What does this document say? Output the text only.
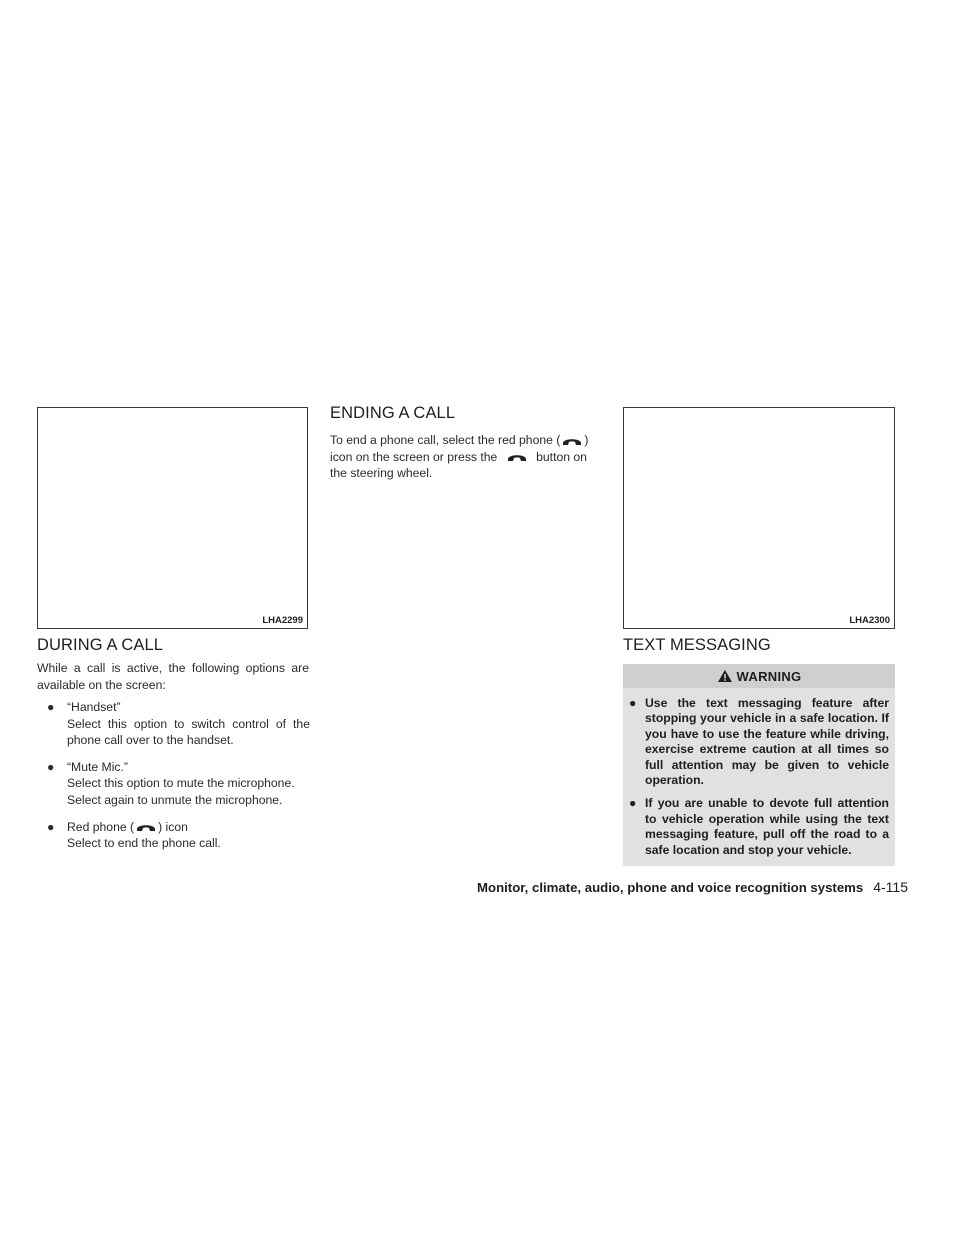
LHA2299
DURING A CALL

While a call is active, the following options are available on the screen:

● “Handset”
Select this option to switch control of the phone call over to the handset.
● “Mute Mic.”
Select this option to mute the microphone. Select again to unmute the microphone.
● Red phone ( ) icon
Select to end the phone call.
ENDING A CALL

To end a phone call, select the red phone ( ) icon on the screen or press the	button on the steering wheel.

LHA2300
TEXT MESSAGING
WARNING
● Use the text messaging feature after stopping your vehicle in a safe location. If you have to use the feature while driving, exercise extreme caution at all times so full attention may be given to vehicle operation.
● If you are unable to devote full attention to vehicle operation while using the text messaging feature, pull off the road to a safe location and stop your vehicle.
Monitor, climate, audio, phone and voice recognition systems 4-115
